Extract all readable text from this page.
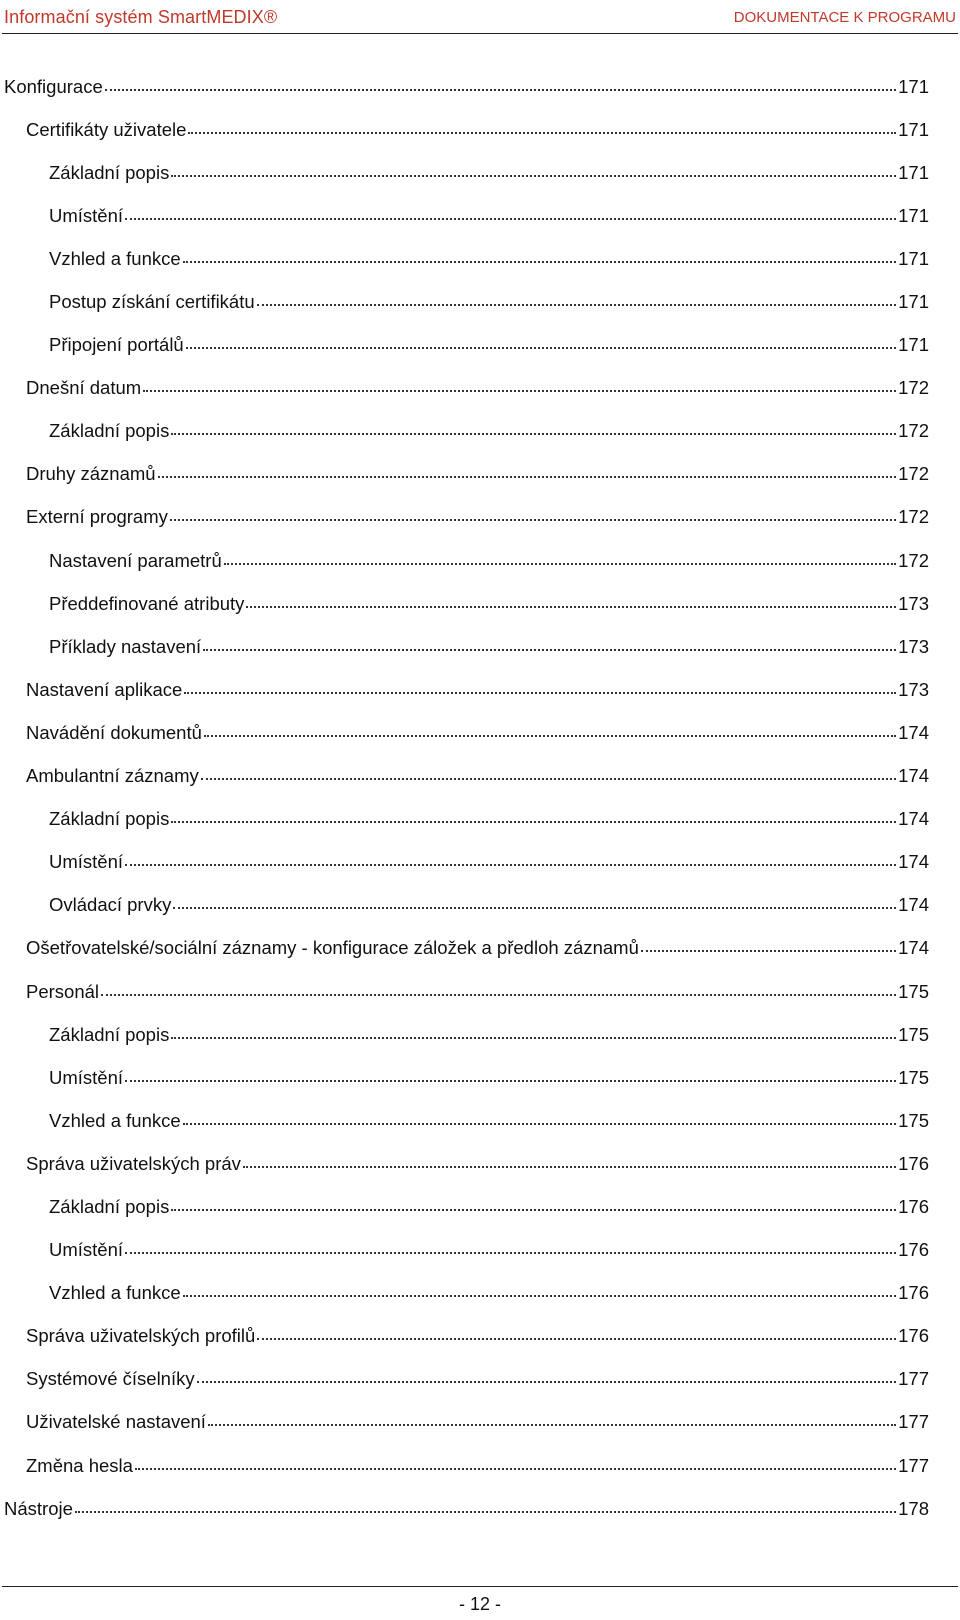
Informační systém SmartMEDIX®	DOKUMENTACE K PROGRAMU
Konfigurace	171
Certifikáty uživatele	171
Základní popis	171
Umístění	171
Vzhled a funkce	171
Postup získání certifikátu	171
Připojení portálů	171
Dnešní datum	172
Základní popis	172
Druhy záznamů	172
Externí programy	172
Nastavení parametrů	172
Předdefinované atributy	173
Příklady nastavení	173
Nastavení aplikace	173
Navádění dokumentů	174
Ambulantní záznamy	174
Základní popis	174
Umístění	174
Ovládací prvky	174
Ošetřovatelské/sociální záznamy - konfigurace záložek a předloh záznamů	174
Personál	175
Základní popis	175
Umístění	175
Vzhled a funkce	175
Správa uživatelských práv	176
Základní popis	176
Umístění	176
Vzhled a funkce	176
Správa uživatelských profilů	176
Systémové číselníky	177
Uživatelské nastavení	177
Změna hesla	177
Nástroje	178
- 12 -
